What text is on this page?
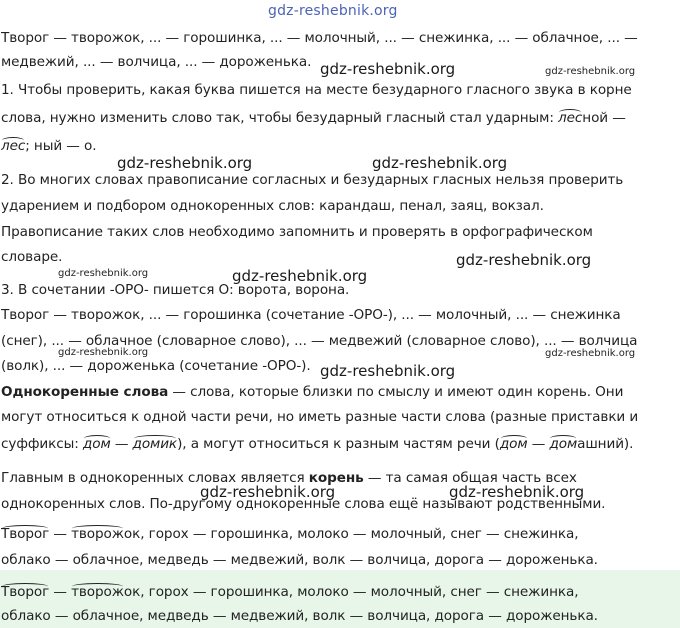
gdz-reshebnik.org
gdz-reshebnik.org	gdz-reshebnik.org
gdz-reshebnik.org	gdz-reshebnik.org
gdz-reshebnik.org
gdz-reshebnik.org	gdz-reshebnik.org
gdz-reshebnik.org	gdz-reshebnik.org
gdz-reshebnik.org
gdz-reshebnik.org	gdz-reshebnik.org
Творог — творожок, ... — горошинка, ... — молочный, ... — снежинка, ... — облачное, ... —
медвежий, ... — волчица, ... — дороженька.
1. Чтобы проверить, какая буква пишется на месте безударного гласного звука в корне
слова, нужно изменить слово так, чтобы безударный гласный стал ударным: лесной —
лес; ный — о.
2. Во многих словах правописание согласных и безударных гласных нельзя проверить
ударением и подбором однокоренных слов: карандаш, пенал, заяц, вокзал.
Правописание таких слов необходимо запомнить и проверять в орфографическом
словаре.
3. В сочетании -ОРО- пишется О: ворота, ворона.
Творог — творожок, ... — горошинка (сочетание -ОРО-), ... — молочный, ... — снежинка
(снег), ... — облачное (словарное слово), ... — медвежий (словарное слово), ... — волчица
(волк), ... — дороженька (сочетание -ОРО-).
Однокоренные слова — слова, которые близки по смыслу и имеют один корень. Они
могут относиться к одной части речи, но иметь разные части слова (разные приставки и
суффиксы: дом — домик), а могут относиться к разным частям речи (дом — домашний).
Главным в однокоренных словах является корень — та самая общая часть всех
однокоренных слов. По-другому однокоренные слова ещё называют родственными.
Творог — творожок, горох — горошинка, молоко — молочный, снег — снежинка,
облако — облачное, медведь — медвежий, волк — волчица, дорога — дороженька.
Творог — творожок, горох — горошинка, молоко — молочный, снег — снежинка,
облако — облачное, медведь — медвежий, волк — волчица, дорога — дороженька.
